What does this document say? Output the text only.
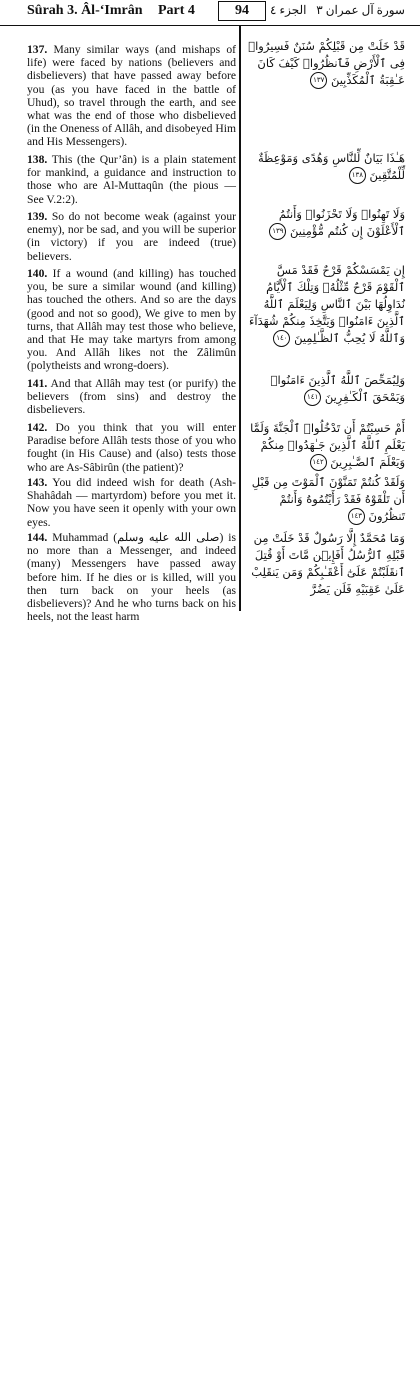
Sûrah 3. Âl-‘Imrân Part 4	94	الجزء ٤ سورة آل عمران ٣
137. Many similar ways (and mishaps of life) were faced by nations (believers and disbelievers) that have passed away before you (as you have faced in the battle of Uhud), so travel through the earth, and see what was the end of those who disbelieved (in the Oneness of Allâh, and disobeyed Him and His Messengers).
قَدْ خَلَتْ مِن قَبْلِكُمْ سُنَنٌ فَسِيرُوا۟ فِى ٱلْأَرْضِ فَٱنظُرُوا۟ كَيْفَ كَانَ عَـٰقِبَةُ ٱلْمُكَذِّبِينَ ١٣٧
138. This (the Qur’ân) is a plain statement for mankind, a guidance and instruction to those who are Al-Muttaqûn (the pious — See V.2:2).
هَـٰذَا بَيَانٌ لِّلنَّاسِ وَهُدًى وَمَوْعِظَةٌ لِّلْمُتَّقِينَ ١٣٨
139. So do not become weak (against your enemy), nor be sad, and you will be superior (in victory) if you are indeed (true) believers.
وَلَا تَهِنُوا۟ وَلَا تَحْزَنُوا۟ وَأَنتُمُ ٱلْأَعْلَوْنَ إِن كُنتُم مُّؤْمِنِينَ ١٣٩
140. If a wound (and killing) has touched you, be sure a similar wound (and killing) has touched the others. And so are the days (good and not so good), We give to men by turns, that Allâh may test those who believe, and that He may take martyrs from among you. And Allâh likes not the Zâlimûn (polytheists and wrong-doers).
إِن يَمْسَسْكُمْ قَرْحٌ فَقَدْ مَسَّ ٱلْقَوْمَ قَرْحٌ مِّثْلُهُۥ وَتِلْكَ ٱلْأَيَّامُ نُدَاوِلُهَا بَيْنَ ٱلنَّاسِ وَلِيَعْلَمَ ٱللَّهُ ٱلَّذِينَ ءَامَنُوا۟ وَيَتَّخِذَ مِنكُمْ شُهَدَآءَ وَٱللَّهُ لَا يُحِبُّ ٱلظَّـٰلِمِينَ ١٤٠
141. And that Allâh may test (or purify) the believers (from sins) and destroy the disbelievers.
وَلِيُمَحِّصَ ٱللَّهُ ٱلَّذِينَ ءَامَنُوا۟ وَيَمْحَقَ ٱلْكَـٰفِرِينَ ١٤١
142. Do you think that you will enter Paradise before Allâh tests those of you who fought (in His Cause) and (also) tests those who are As-Sâbirûn (the patient)?
أَمْ حَسِبْتُمْ أَن تَدْخُلُوا۟ ٱلْجَنَّةَ وَلَمَّا يَعْلَمِ ٱللَّهُ ٱلَّذِينَ جَـٰهَدُوا۟ مِنكُمْ وَيَعْلَمَ ٱلصَّـٰبِرِينَ ١٤٢
143. You did indeed wish for death (Ash-Shahâdah — martyrdom) before you met it. Now you have seen it openly with your own eyes.
وَلَقَدْ كُنتُمْ تَمَنَّوْنَ ٱلْمَوْتَ مِن قَبْلِ أَن تَلْقَوْهُ فَقَدْ رَأَيْتُمُوهُ وَأَنتُمْ تَنظُرُونَ ١٤٣
144. Muhammad (صلى الله عليه وسلم) is no more than a Messenger, and indeed (many) Messengers have passed away before him. If he dies or is killed, will you then turn back on your heels (as disbelievers)? And he who turns back on his heels, not the least harm
وَمَا مُحَمَّدٌ إِلَّا رَسُولٌ قَدْ خَلَتْ مِن قَبْلِهِ ٱلرُّسُلُ أَفَإِي۟ن مَّاتَ أَوْ قُتِلَ ٱنقَلَبْتُمْ عَلَىٰٓ أَعْقَـٰبِكُمْ وَمَن يَنقَلِبْ عَلَىٰ عَقِبَيْهِ فَلَن يَضُرَّ
